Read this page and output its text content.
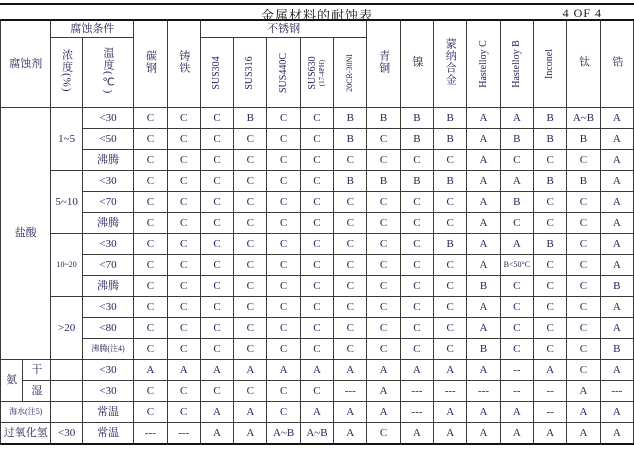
金属材料的耐蚀表	4 OF 4
腐蚀剂		腐蚀条件		碳钢	铸铁	不锈钢					青铜	镍	蒙纳合金	Hastelloy C	Hastelloy B	Inconel	钛	锆
		浓度(%)	温度(℃)			SUS304	SUS316	SUS440C	SUS630 (17-4PH)	20CR-30NI								

盐酸		1~5	<30	C	C	C	B	C	C	B	B	B	B	A	A	B	A~B	A
			<50	C	C	C	C	C	C	B	C	B	B	A	B	B	B	A
			沸腾	C	C	C	C	C	C	C	C	C	C	A	C	C	C	A
		5~10	<30	C	C	C	C	C	C	B	B	B	B	A	A	B	B	A
			<70	C	C	C	C	C	C	C	C	C	C	A	B	C	C	A
			沸腾	C	C	C	C	C	C	C	C	C	C	A	C	C	C	A
		10~20	<30	C	C	C	C	C	C	C	C	C	B	A	A	B	C	A
			<70	C	C	C	C	C	C	C	C	C	C	A	B<50°C	C	C	A
			沸腾	C	C	C	C	C	C	C	C	C	C	B	C	C	C	B
		>20	<30	C	C	C	C	C	C	C	C	C	C	A	C	C	C	A
			<80	C	C	C	C	C	C	C	C	C	C	A	C	C	C	A
			沸腾(注4)	C	C	C	C	C	C	C	C	C	C	B	C	C	C	B
氨	干		<30	A	A	A	A	A	A	A	A	A	A	A	--	A	C	A
	湿		<30	C	C	C	C	C	C	---	A	---	---	---	--	--	A	---
海水(注5)			常温	C	C	A	A	C	A	A	A	---	A	A	A	--	A	A
过氧化氢		<30	常温	---	---	A	A	A~B	A~B	A	C	A	A	A	A	A	A	A
